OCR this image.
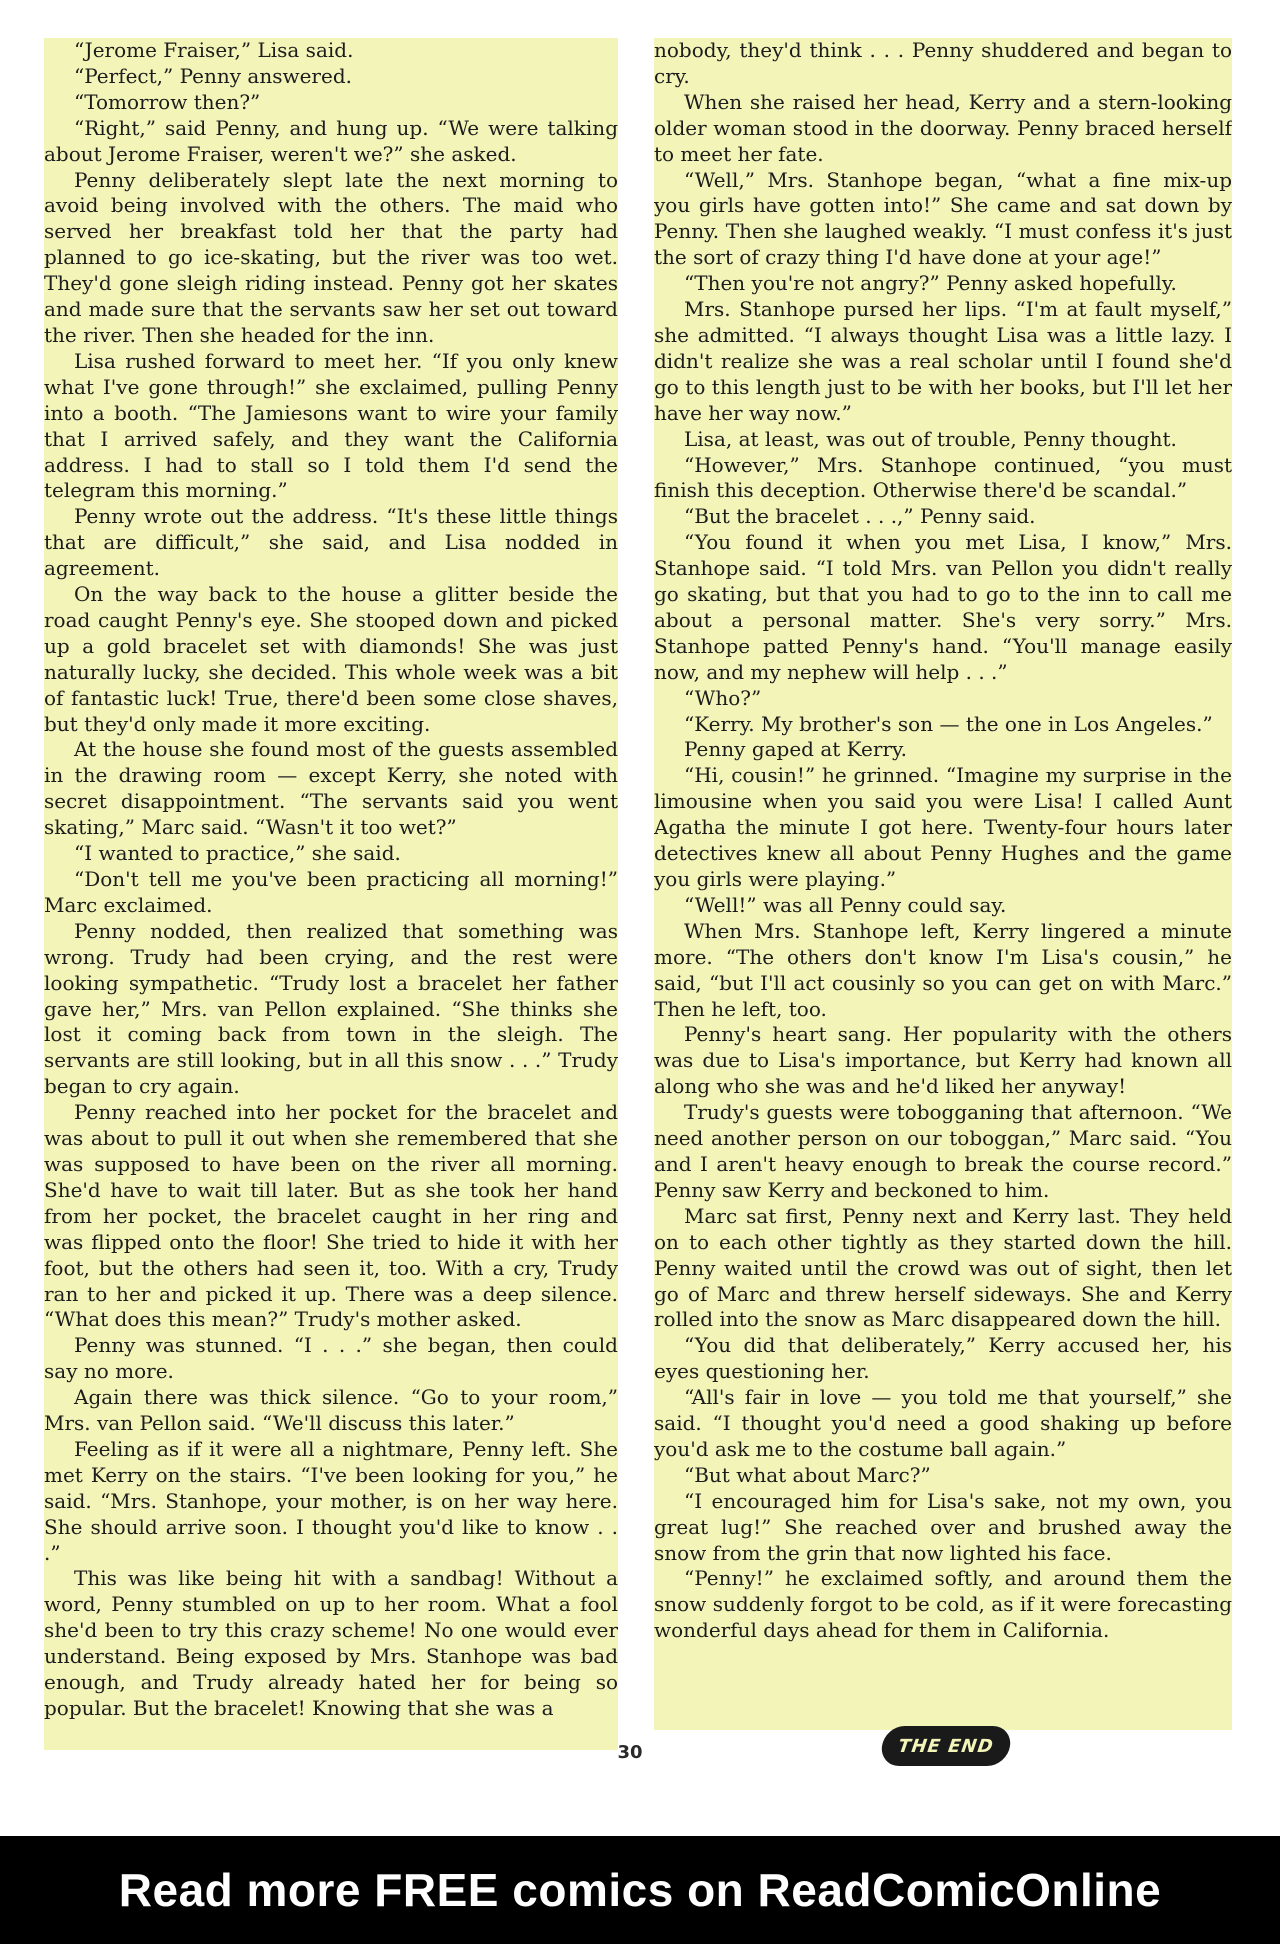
“Jerome Fraiser,” Lisa said.

“Perfect,” Penny answered.

“Tomorrow then?”

“Right,” said Penny, and hung up. “We were talking about Jerome Fraiser, weren't we?” she asked.

Penny deliberately slept late the next morning to avoid being involved with the others. The maid who served her breakfast told her that the party had planned to go ice-skating, but the river was too wet. They'd gone sleigh riding instead. Penny got her skates and made sure that the servants saw her set out toward the river. Then she headed for the inn.

Lisa rushed forward to meet her. “If you only knew what I've gone through!” she exclaimed, pulling Penny into a booth. “The Jamiesons want to wire your family that I arrived safely, and they want the California address. I had to stall so I told them I'd send the telegram this morning.”

Penny wrote out the address. “It's these little things that are difficult,” she said, and Lisa nodded in agreement.

On the way back to the house a glitter beside the road caught Penny's eye. She stooped down and picked up a gold bracelet set with diamonds! She was just naturally lucky, she decided. This whole week was a bit of fantastic luck! True, there'd been some close shaves, but they'd only made it more exciting.

At the house she found most of the guests assembled in the drawing room — except Kerry, she noted with secret disappointment. “The servants said you went skating,” Marc said. “Wasn't it too wet?”

“I wanted to practice,” she said.

“Don't tell me you've been practicing all morning!” Marc exclaimed.

Penny nodded, then realized that something was wrong. Trudy had been crying, and the rest were looking sympathetic. “Trudy lost a bracelet her father gave her,” Mrs. van Pellon explained. “She thinks she lost it coming back from town in the sleigh. The servants are still looking, but in all this snow . . .” Trudy began to cry again.

Penny reached into her pocket for the bracelet and was about to pull it out when she remembered that she was supposed to have been on the river all morning. She'd have to wait till later. But as she took her hand from her pocket, the bracelet caught in her ring and was flipped onto the floor! She tried to hide it with her foot, but the others had seen it, too. With a cry, Trudy ran to her and picked it up. There was a deep silence. “What does this mean?” Trudy's mother asked.

Penny was stunned. “I . . .” she began, then could say no more.

Again there was thick silence. “Go to your room,” Mrs. van Pellon said. “We'll discuss this later.”

Feeling as if it were all a nightmare, Penny left. She met Kerry on the stairs. “I've been looking for you,” he said. “Mrs. Stanhope, your mother, is on her way here. She should arrive soon. I thought you'd like to know . . .”

This was like being hit with a sandbag! Without a word, Penny stumbled on up to her room. What a fool she'd been to try this crazy scheme! No one would ever understand. Being exposed by Mrs. Stanhope was bad enough, and Trudy already hated her for being so popular. But the bracelet! Knowing that she was a

nobody, they'd think . . . Penny shuddered and began to cry.

When she raised her head, Kerry and a stern-looking older woman stood in the doorway. Penny braced herself to meet her fate.

“Well,” Mrs. Stanhope began, “what a fine mix-up you girls have gotten into!” She came and sat down by Penny. Then she laughed weakly. “I must confess it's just the sort of crazy thing I'd have done at your age!”

“Then you're not angry?” Penny asked hopefully.

Mrs. Stanhope pursed her lips. “I'm at fault myself,” she admitted. “I always thought Lisa was a little lazy. I didn't realize she was a real scholar until I found she'd go to this length just to be with her books, but I'll let her have her way now.”

Lisa, at least, was out of trouble, Penny thought.

“However,” Mrs. Stanhope continued, “you must finish this deception. Otherwise there'd be scandal.”

“But the bracelet . . .,” Penny said.

“You found it when you met Lisa, I know,” Mrs. Stanhope said. “I told Mrs. van Pellon you didn't really go skating, but that you had to go to the inn to call me about a personal matter. She's very sorry.” Mrs. Stanhope patted Penny's hand. “You'll manage easily now, and my nephew will help . . .”

“Who?”

“Kerry. My brother's son — the one in Los Angeles.”

Penny gaped at Kerry.

“Hi, cousin!” he grinned. “Imagine my surprise in the limousine when you said you were Lisa! I called Aunt Agatha the minute I got here. Twenty-four hours later detectives knew all about Penny Hughes and the game you girls were playing.”

“Well!” was all Penny could say.

When Mrs. Stanhope left, Kerry lingered a minute more. “The others don't know I'm Lisa's cousin,” he said, “but I'll act cousinly so you can get on with Marc.” Then he left, too.

Penny's heart sang. Her popularity with the others was due to Lisa's importance, but Kerry had known all along who she was and he'd liked her anyway!

Trudy's guests were tobogganing that afternoon. “We need another person on our toboggan,” Marc said. “You and I aren't heavy enough to break the course record.” Penny saw Kerry and beckoned to him.

Marc sat first, Penny next and Kerry last. They held on to each other tightly as they started down the hill. Penny waited until the crowd was out of sight, then let go of Marc and threw herself sideways. She and Kerry rolled into the snow as Marc disappeared down the hill.

“You did that deliberately,” Kerry accused her, his eyes questioning her.

“All's fair in love — you told me that yourself,” she said. “I thought you'd need a good shaking up before you'd ask me to the costume ball again.”

“But what about Marc?”

“I encouraged him for Lisa's sake, not my own, you great lug!” She reached over and brushed away the snow from the grin that now lighted his face.

“Penny!” he exclaimed softly, and around them the snow suddenly forgot to be cold, as if it were forecasting wonderful days ahead for them in California.

30	THE END
Read more FREE comics on ReadComicOnline
